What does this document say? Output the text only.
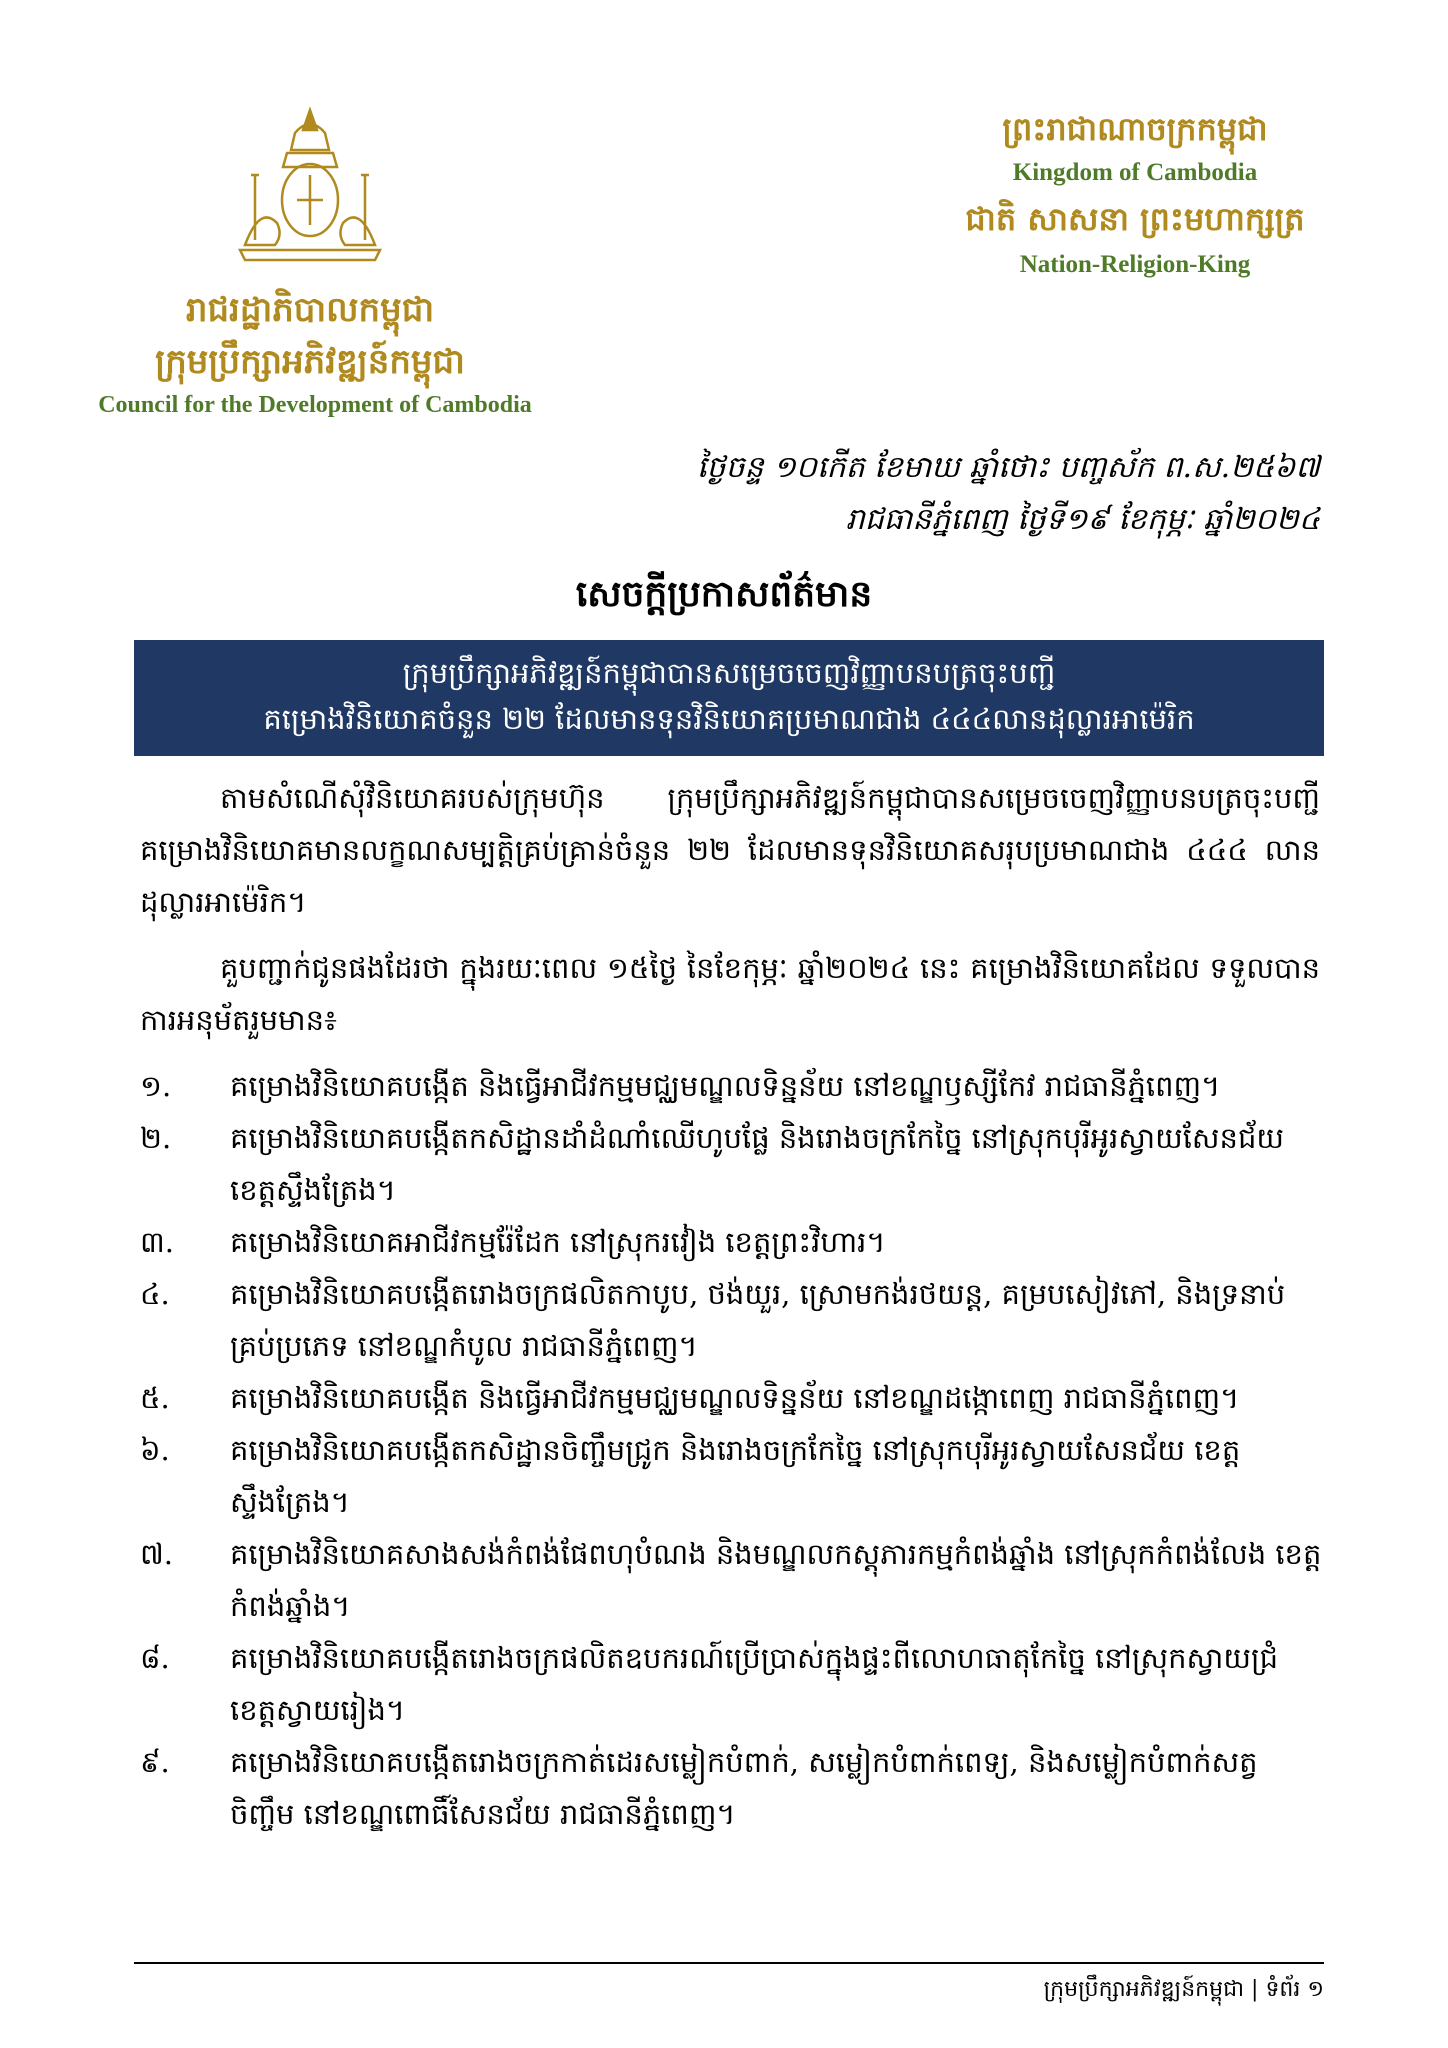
រាជរដ្ឋាភិបាលកម្ពុជា
ក្រុមប្រឹក្សាអភិវឌ្ឍន៍កម្ពុជា
Council for the Development of Cambodia
ព្រះរាជាណាចក្រកម្ពុជា
Kingdom of Cambodia
ជាតិ សាសនា ព្រះមហាក្សត្រ
Nation-Religion-King
ថ្ងៃចន្ទ ១០កើត ខែមាឃ ឆ្នាំថោះ បញ្ចស័ក ព.ស.២៥៦៧
រាជធានីភ្នំពេញ ថ្ងៃទី១៩ ខែកុម្ភៈ ឆ្នាំ២០២៤
សេចក្តីប្រកាសព័ត៌មាន
ក្រុមប្រឹក្សាអភិវឌ្ឍន៍កម្ពុជាបានសម្រេចចេញវិញ្ញាបនបត្រចុះបញ្ជី
គម្រោងវិនិយោគចំនួន ២២ ដែលមានទុនវិនិយោគប្រមាណជាង ៤៤៤លានដុល្លារអាម៉េរិក
តាមសំណើសុំវិនិយោគរបស់ក្រុមហ៊ុន ក្រុមប្រឹក្សាអភិវឌ្ឍន៍កម្ពុជាបានសម្រេចចេញវិញ្ញាបនបត្រចុះបញ្ជី គម្រោងវិនិយោគមានលក្ខណសម្បត្តិគ្រប់គ្រាន់ចំនួន ២២ ដែលមានទុនវិនិយោគសរុបប្រមាណជាង ៤៤៤ លានដុល្លារអាម៉េរិក។
គួបញ្ជាក់ជូនផងដែរថា ក្នុងរយៈពេល ១៥ថ្ងៃ នៃខែកុម្ភៈ ឆ្នាំ២០២៤ នេះ គម្រោងវិនិយោគដែល ទទួលបានការអនុម័តរួមមាន៖
១.	គម្រោងវិនិយោគបង្កើត និងធ្វើអាជីវកម្មមជ្ឈមណ្ឌលទិន្នន័យ នៅខណ្ឌឫស្សីកែវ រាជធានីភ្នំពេញ។
២.	គម្រោងវិនិយោគបង្កើតកសិដ្ឋានដាំដំណាំឈើហូបផ្លែ និងរោងចក្រកែច្នៃ នៅស្រុកបុរីអូរស្វាយសែនជ័យ ខេត្តស្ទឹងត្រែង។
៣.	គម្រោងវិនិយោគអាជីវកម្មរ៉ែដែក នៅស្រុករវៀង ខេត្តព្រះវិហារ។
៤.	គម្រោងវិនិយោគបង្កើតរោងចក្រផលិតកាបូប, ថង់យួរ, ស្រោមកង់រថយន្ត, គម្របសៀវភៅ, និងទ្រនាប់ គ្រប់ប្រភេទ នៅខណ្ឌកំបូល រាជធានីភ្នំពេញ។
៥.	គម្រោងវិនិយោគបង្កើត និងធ្វើអាជីវកម្មមជ្ឈមណ្ឌលទិន្នន័យ នៅខណ្ឌដង្កោពេញ រាជធានីភ្នំពេញ។
៦.	គម្រោងវិនិយោគបង្កើតកសិដ្ឋានចិញ្ចឹមជ្រូក និងរោងចក្រកែច្នៃ នៅស្រុកបុរីអូរស្វាយសែនជ័យ ខេត្ត ស្ទឹងត្រែង។
៧.	គម្រោងវិនិយោគសាងសង់កំពង់ផែពហុបំណង និងមណ្ឌលកស្តុភារកម្មកំពង់ឆ្នាំង នៅស្រុកកំពង់លែង ខេត្តកំពង់ឆ្នាំង។
៨.	គម្រោងវិនិយោគបង្កើតរោងចក្រផលិតឧបករណ៍ប្រើប្រាស់ក្នុងផ្ទះពីលោហធាតុកែច្នៃ នៅស្រុកស្វាយជ្រំ ខេត្តស្វាយរៀង។
៩.	គម្រោងវិនិយោគបង្កើតរោងចក្រកាត់ដេរសម្លៀកបំពាក់, សម្លៀកបំពាក់ពេទ្យ, និងសម្លៀកបំពាក់សត្វ ចិញ្ចឹម នៅខណ្ឌពោធិ៍សែនជ័យ រាជធានីភ្នំពេញ។
ក្រុមប្រឹក្សាអភិវឌ្ឍន៍កម្ពុជា | ទំព័រ ១
